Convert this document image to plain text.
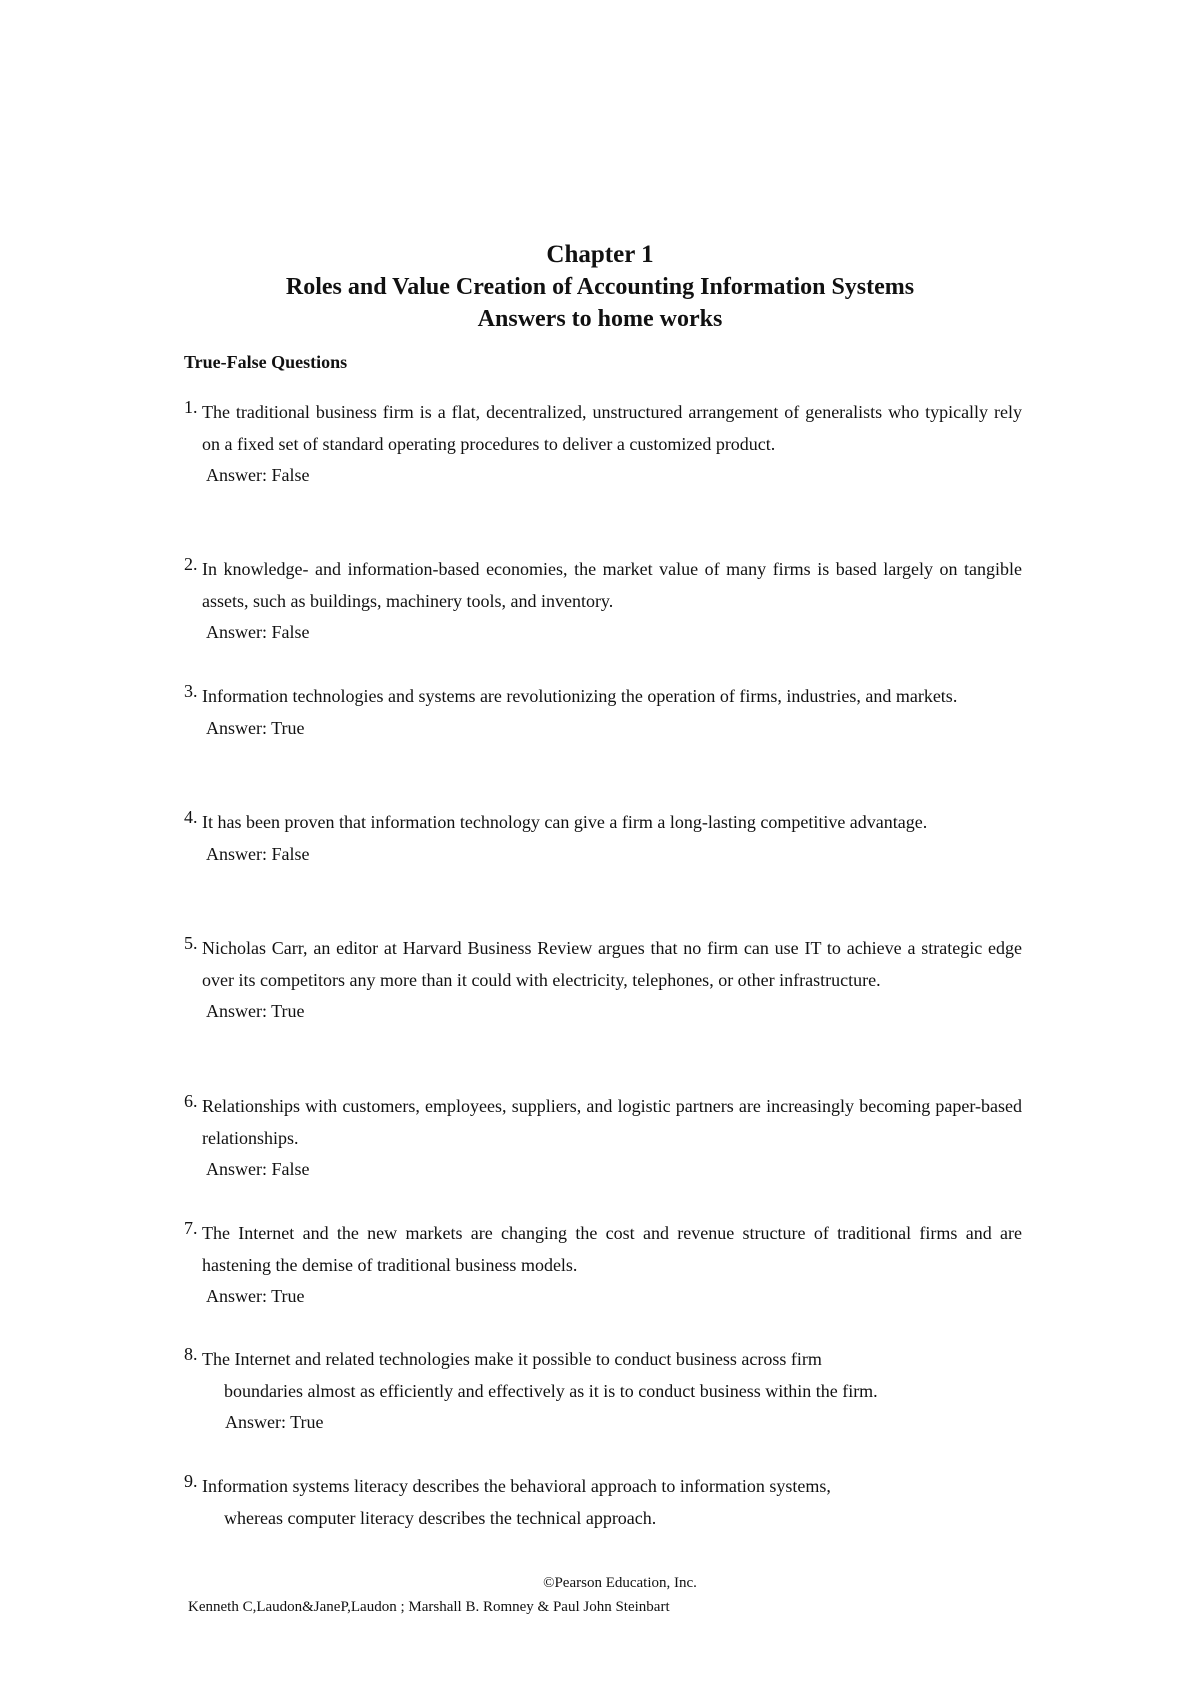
Chapter 1
Roles and Value Creation of Accounting Information Systems
Answers to home works
True-False Questions
1. The traditional business firm is a flat, decentralized, unstructured arrangement of generalists who typically rely on a fixed set of standard operating procedures to deliver a customized product.
Answer: False
2. In knowledge- and information-based economies, the market value of many firms is based largely on tangible assets, such as buildings, machinery tools, and inventory.
Answer: False
3. Information technologies and systems are revolutionizing the operation of firms, industries, and markets.
Answer: True
4. It has been proven that information technology can give a firm a long-lasting competitive advantage.
Answer: False
5. Nicholas Carr, an editor at Harvard Business Review argues that no firm can use IT to achieve a strategic edge over its competitors any more than it could with electricity, telephones, or other infrastructure.
Answer: True
6. Relationships with customers, employees, suppliers, and logistic partners are increasingly becoming paper-based relationships.
Answer: False
7. The Internet and the new markets are changing the cost and revenue structure of traditional firms and are hastening the demise of traditional business models.
Answer: True
8. The Internet and related technologies make it possible to conduct business across firm
boundaries almost as efficiently and effectively as it is to conduct business within the firm.
Answer: True
9. Information systems literacy describes the behavioral approach to information systems,
whereas computer literacy describes the technical approach.
©Pearson Education, Inc.
Kenneth C,Laudon&JaneP,Laudon ; Marshall B. Romney & Paul John Steinbart
